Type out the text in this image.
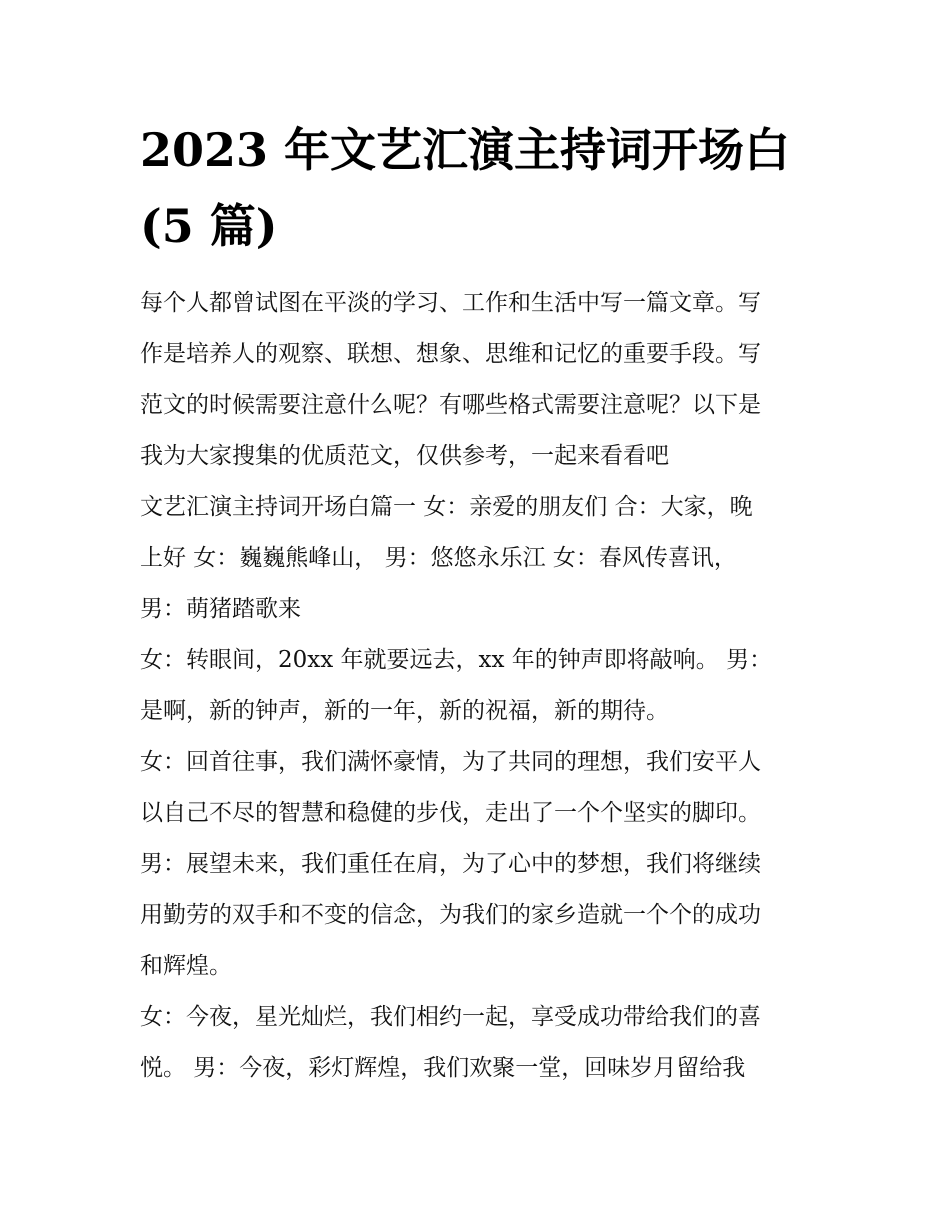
2023 年文艺汇演主持词开场白
(5 篇)
每个人都曾试图在平淡的学习、工作和生活中写一篇文章。写
作是培养人的观察、联想、想象、思维和记忆的重要手段。写
范文的时候需要注意什么呢？有哪些格式需要注意呢？以下是
我为大家搜集的优质范文，仅供参考，一起来看看吧
文艺汇演主持词开场白篇一 女：亲爱的朋友们 合：大家，晚
上好 女：巍巍熊峰山， 男：悠悠永乐江 女：春风传喜讯，
男：萌猪踏歌来
女：转眼间，20xx 年就要远去，xx 年的钟声即将敲响。 男：
是啊，新的钟声，新的一年，新的祝福，新的期待。
女：回首往事，我们满怀豪情，为了共同的理想，我们安平人
以自己不尽的智慧和稳健的步伐，走出了一个个坚实的脚印。
男：展望未来，我们重任在肩，为了心中的梦想，我们将继续
用勤劳的双手和不变的信念，为我们的家乡造就一个个的成功
和辉煌。
女：今夜，星光灿烂，我们相约一起，享受成功带给我们的喜
悦。 男：今夜，彩灯辉煌，我们欢聚一堂，回味岁月留给我
